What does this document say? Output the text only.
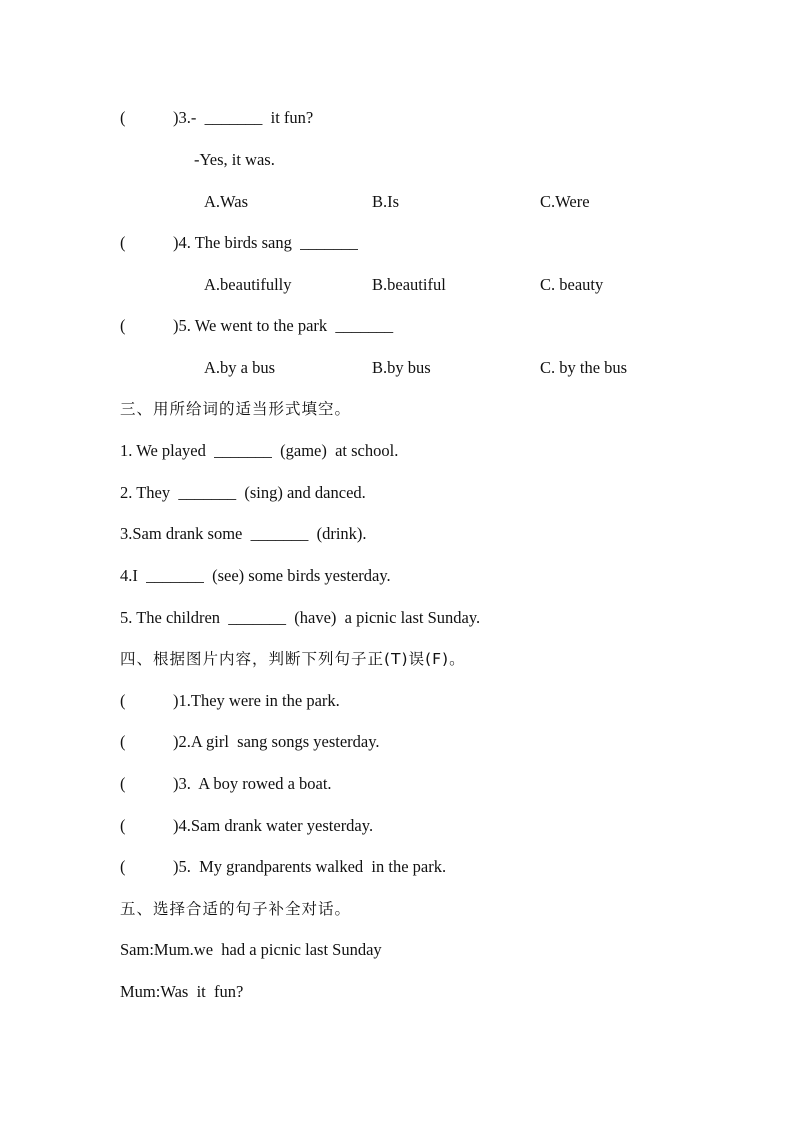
(	)3.-  _______  it fun?
-Yes, it was.
A.Was	B.Is	C.Were
(	)4. The birds sang  _______
A.beautifully	B.beautiful	C. beauty
(	)5. We went to the park  _______
A.by a bus	B.by bus	C. by the bus
三、用所给词的适当形式填空。
1. We played  _______  (game)  at school.
2. They  _______  (sing) and danced.
3.Sam drank some  _______  (drink).
4.I  _______  (see) some birds yesterday.
5. The children  _______  (have)  a picnic last Sunday.
四、根据图片内容，判断下列句子正(T)误(F)。
(	)1.They were in the park.
(	)2.A girl  sang songs yesterday.
(	)3.  A boy rowed a boat.
(	)4.Sam drank water yesterday.
(	)5.  My grandparents walked  in the park.
五、选择合适的句子补全对话。
Sam:Mum.we  had a picnic last Sunday
Mum:Was  it  fun?
